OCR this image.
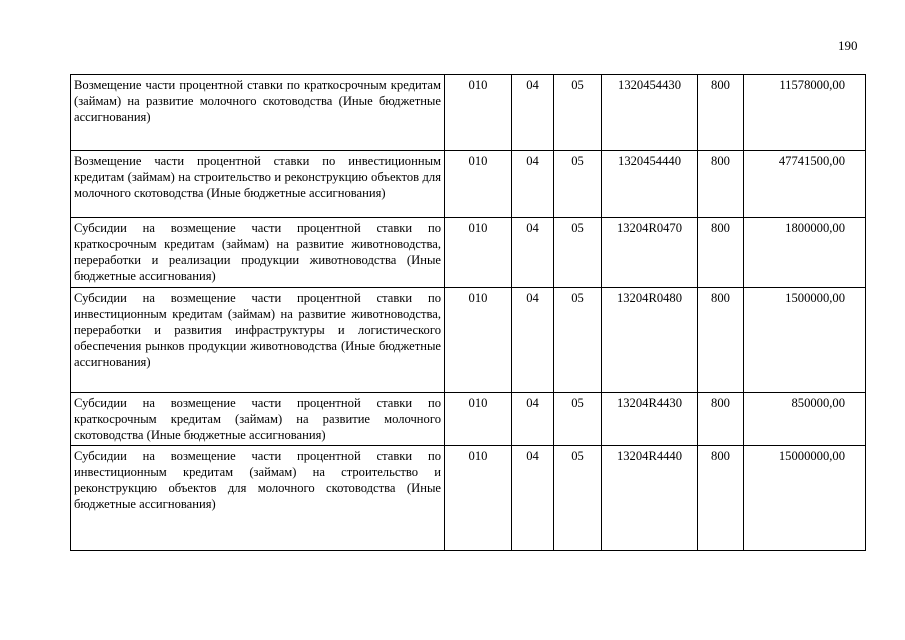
190
Возмещение части процентной ставки по краткосрочным кредитам (займам) на развитие молочного скотоводства (Иные бюджетные ассигнования)	010	04	05	1320454430	800	11578000,00
Возмещение части процентной ставки по инвестиционным кредитам (займам) на строительство и реконструкцию объектов для молочного скотоводства (Иные бюджетные ассигнования)	010	04	05	1320454440	800	47741500,00
Субсидии на возмещение части процентной ставки по краткосрочным кредитам (займам) на развитие животноводства, переработки и реализации продукции животноводства (Иные бюджетные ассигнования)	010	04	05	13204R0470	800	1800000,00
Субсидии на возмещение части процентной ставки по инвестиционным кредитам (займам) на развитие животноводства, переработки и развития инфраструктуры и логистического обеспечения рынков продукции животноводства (Иные бюджетные ассигнования)	010	04	05	13204R0480	800	1500000,00
Субсидии на возмещение части процентной ставки по краткосрочным кредитам (займам) на развитие молочного скотоводства (Иные бюджетные ассигнования)	010	04	05	13204R4430	800	850000,00
Субсидии на возмещение части процентной ставки по инвестиционным кредитам (займам) на строительство и реконструкцию объектов для молочного скотоводства (Иные бюджетные ассигнования)	010	04	05	13204R4440	800	15000000,00
